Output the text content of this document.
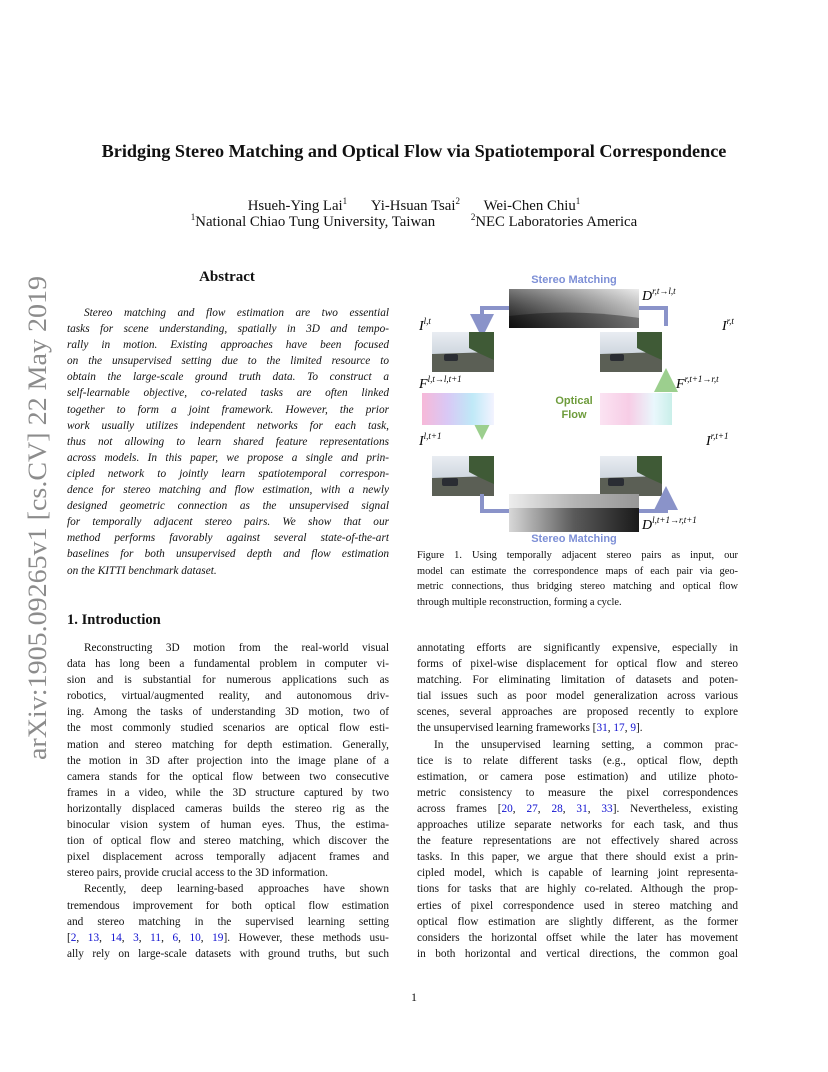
arXiv:1905.09265v1 [cs.CV] 22 May 2019
Bridging Stereo Matching and Optical Flow via Spatiotemporal Correspondence
Hsueh-Ying Lai$^1$ Yi-Hsuan Tsai$^2$ Wei-Chen Chiu$^1$
$^1$National Chiao Tung University, Taiwan	$^2$NEC Laboratories America
Abstract
Stereo matching and flow estimation are two essential
tasks for scene understanding, spatially in 3D and tempo-
rally in motion. Existing approaches have been focused
on the unsupervised setting due to the limited resource to
obtain the large-scale ground truth data. To construct a
self-learnable objective, co-related tasks are often linked
together to form a joint framework. However, the prior
work usually utilizes independent networks for each task,
thus not allowing to learn shared feature representations
across models. In this paper, we propose a single and prin-
cipled network to jointly learn spatiotemporal correspon-
dence for stereo matching and flow estimation, with a newly
designed geometric connection as the unsupervised signal
for temporally adjacent stereo pairs. We show that our
method performs favorably against several state-of-the-art
baselines for both unsupervised depth and flow estimation
on the KITTI benchmark dataset.
Stereo Matching
Optical
Flow
Stereo Matching
$D^{r,t\to l,t}$
I$^{l,t}$	I$^{r,t}$
$F^{l,t\to l,t+1}$	$F^{r,t+1\to r,t}$
$I^{l,t+1}$	$I^{r,t+1}$
$D^{l,t+1\to r,t+1}$
Figure 1. Using temporally adjacent stereo pairs as input, our
model can estimate the correspondence maps of each pair via geo-
metric connections, thus bridging stereo matching and optical flow
through multiple reconstruction, forming a cycle.
1. Introduction
Reconstructing 3D motion from the real-world visual
data has long been a fundamental problem in computer vi-
sion and is substantial for numerous applications such as
robotics, virtual/augmented reality, and autonomous driv-
ing. Among the tasks of understanding 3D motion, two of
the most commonly studied scenarios are optical flow esti-
mation and stereo matching for depth estimation. Generally,
the motion in 3D after projection into the image plane of a
camera stands for the optical flow between two consecutive
frames in a video, while the 3D structure captured by two
horizontally displaced cameras builds the stereo rig as the
binocular vision system of human eyes. Thus, the estima-
tion of optical flow and stereo matching, which discover the
pixel displacement across temporally adjacent frames and
stereo pairs, provide crucial access to the 3D information.
Recently, deep learning-based approaches have shown
tremendous improvement for both optical flow estimation
and stereo matching in the supervised learning setting
[2, 13, 14, 3, 11, 6, 10, 19]. However, these methods usu-
ally rely on large-scale datasets with ground truths, but such
annotating efforts are significantly expensive, especially in
forms of pixel-wise displacement for optical flow and stereo
matching. For eliminating limitation of datasets and poten-
tial issues such as poor model generalization across various
scenes, several approaches are proposed recently to explore
the unsupervised learning frameworks [31, 17, 9].
In the unsupervised learning setting, a common prac-
tice is to relate different tasks (e.g., optical flow, depth
estimation, or camera pose estimation) and utilize photo-
metric consistency to measure the pixel correspondences
across frames [20, 27, 28, 31, 33]. Nevertheless, existing
approaches utilize separate networks for each task, and thus
the feature representations are not effectively shared across
tasks. In this paper, we argue that there should exist a prin-
cipled model, which is capable of learning joint representa-
tions for tasks that are highly co-related. Although the prop-
erties of pixel correspondence used in stereo matching and
optical flow estimation are slightly different, as the former
considers the horizontal offset while the later has movement
in both horizontal and vertical directions, the common goal
1
